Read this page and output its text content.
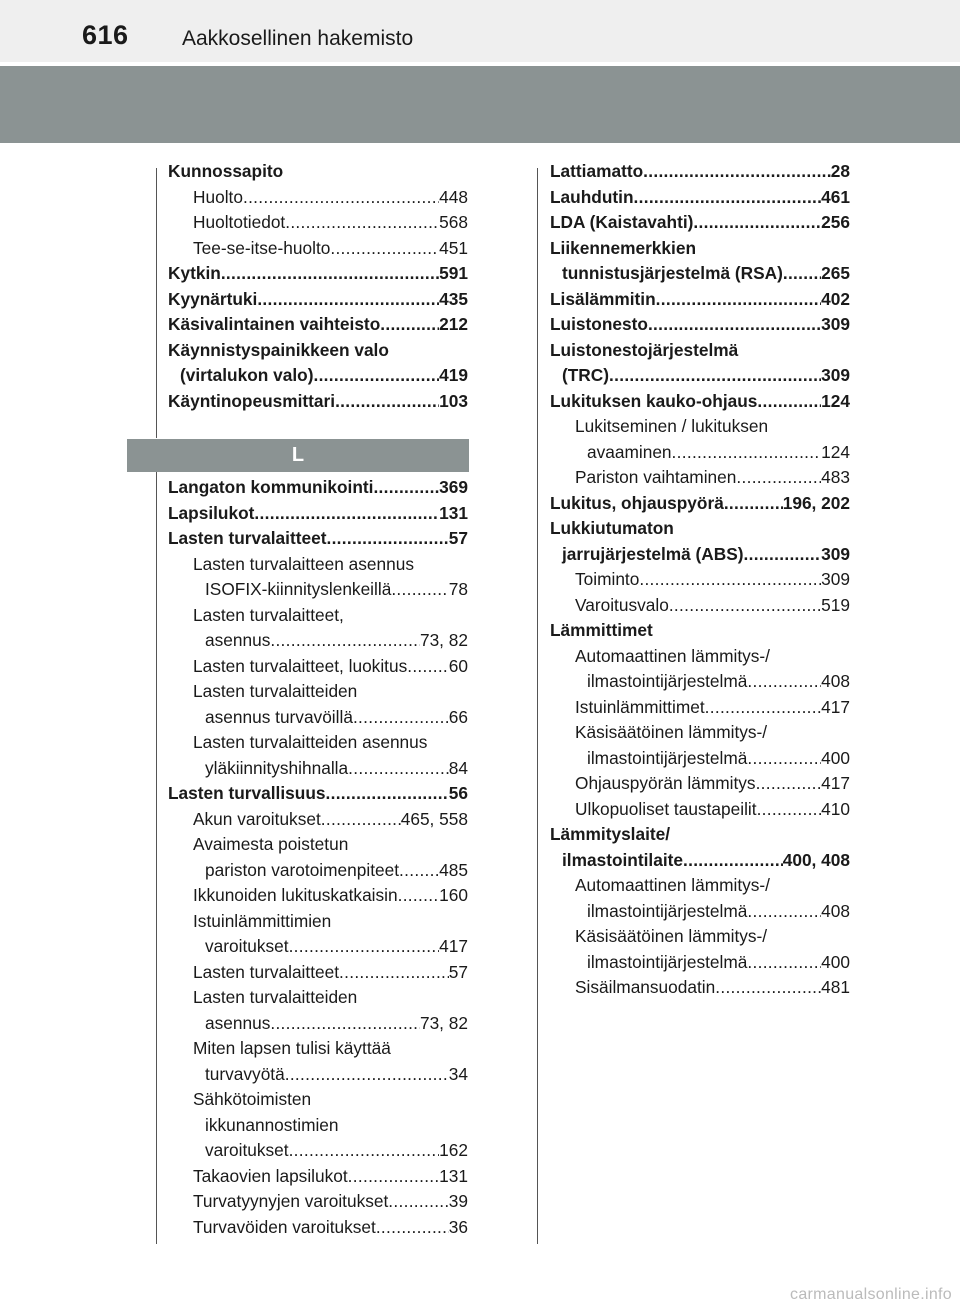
616	Aakkosellinen hakemisto
Kunnossapito
Huolto .....	448
Huoltotiedot .....	568
Tee-se-itse-huolto .....	451
Kytkin .....	591
Kyynärtuki .....	435
Käsivalintainen vaihteisto .....	212
Käynnistyspainikkeen valo
(virtalukon valo) .....	419
Käyntinopeusmittari .....	103
L
Langaton kommunikointi .....	369
Lapsilukot .....	131
Lasten turvalaitteet .....	57
Lasten turvalaitteen asennus
ISOFIX-kiinnityslenkeillä .....	78
Lasten turvalaitteet,
asennus .....	73, 82
Lasten turvalaitteet, luokitus ..... 60
Lasten turvalaitteiden
asennus turvavöillä .....	66
Lasten turvalaitteiden asennus
yläkiinnityshihnalla .....	84
Lasten turvallisuus .....	56
Akun varoitukset .....	465, 558
Avaimesta poistetun
pariston varotoimenpiteet ..... 485
Ikkunoiden lukituskatkaisin ..... 160
Istuinlämmittimien
varoitukset .....	417
Lasten turvalaitteet .....	57
Lasten turvalaitteiden
asennus .....	73, 82
Miten lapsen tulisi käyttää
turvavyötä .....	34
Sähkötoimisten
ikkunannostimien
varoitukset .....	162
Takaovien lapsilukot .....	131
Turvatyynyjen varoitukset .....	39
Turvavöiden varoitukset .....	36
Lattiamatto .....	28
Lauhdutin .....	461
LDA (Kaistavahti) .....	256
Liikennemerkkien
tunnistusjärjestelmä (RSA) ..... 265
Lisälämmitin .....	402
Luistonesto .....	309
Luistonestojärjestelmä
(TRC) .....	309
Lukituksen kauko-ohjaus .....	124
Lukitseminen / lukituksen
avaaminen .....	124
Pariston vaihtaminen .....	483
Lukitus, ohjauspyörä .....	196, 202
Lukkiutumaton
jarrujärjestelmä (ABS) .....	309
Toiminto .....	309
Varoitusvalo .....	519
Lämmittimet
Automaattinen lämmitys-/
ilmastointijärjestelmä .....	408
Istuinlämmittimet .....	417
Käsisäätöinen lämmitys-/
ilmastointijärjestelmä .....	400
Ohjauspyörän lämmitys .....	417
Ulkopuoliset taustapeilit .....	410
Lämmityslaite/
ilmastointilaite .....	400, 408
Automaattinen lämmitys-/
ilmastointijärjestelmä .....	408
Käsisäätöinen lämmitys-/
ilmastointijärjestelmä .....	400
Sisäilmansuodatin .....	481
carmanualsonline.info
